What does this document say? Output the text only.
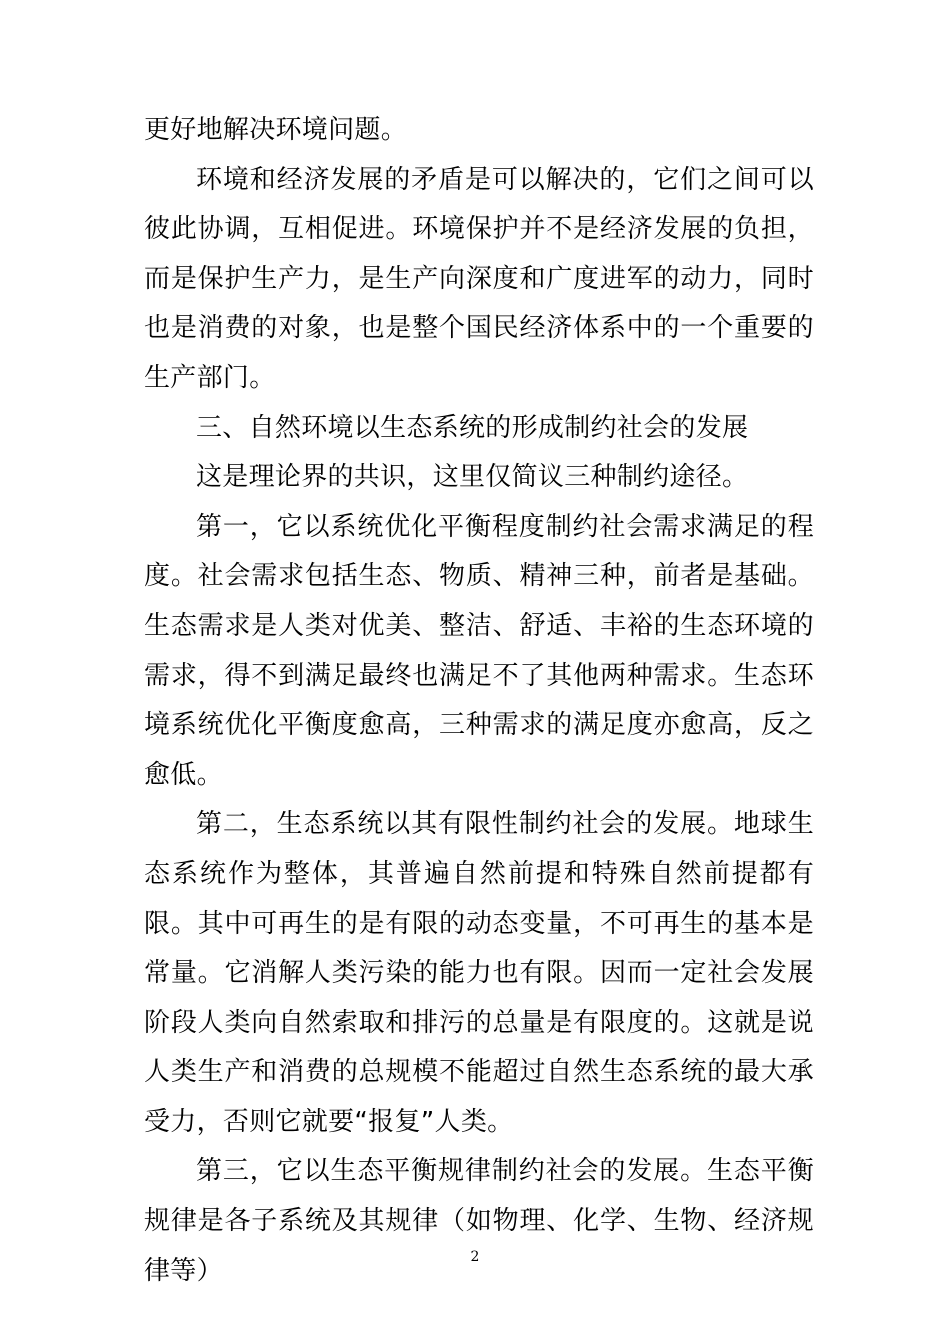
更好地解决环境问题。

环境和经济发展的矛盾是可以解决的，它们之间可以彼此协调，互相促进。环境保护并不是经济发展的负担，而是保护生产力，是生产向深度和广度进军的动力，同时也是消费的对象，也是整个国民经济体系中的一个重要的生产部门。

三、自然环境以生态系统的形成制约社会的发展

这是理论界的共识，这里仅简议三种制约途径。

第一，它以系统优化平衡程度制约社会需求满足的程度。社会需求包括生态、物质、精神三种，前者是基础。生态需求是人类对优美、整洁、舒适、丰裕的生态环境的需求，得不到满足最终也满足不了其他两种需求。生态环境系统优化平衡度愈高，三种需求的满足度亦愈高，反之愈低。

第二，生态系统以其有限性制约社会的发展。地球生态系统作为整体，其普遍自然前提和特殊自然前提都有限。其中可再生的是有限的动态变量，不可再生的基本是常量。它消解人类污染的能力也有限。因而一定社会发展阶段人类向自然索取和排污的总量是有限度的。这就是说人类生产和消费的总规模不能超过自然生态系统的最大承受力，否则它就要“报复”人类。

第三，它以生态平衡规律制约社会的发展。生态平衡规律是各子系统及其规律（如物理、化学、生物、经济规律等）	2
